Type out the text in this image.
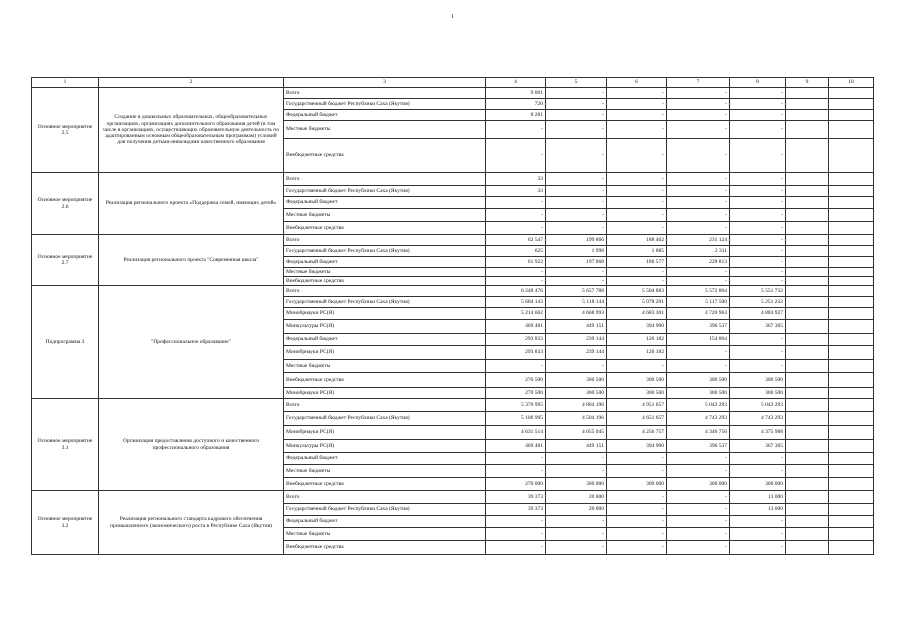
1
1	2	3	4	5	6	7	8	9	10
Основное мероприятие 2.5	Создание в дошкольных образовательных, общеобразовательных организациях, организациях дополнительного образования детей (в том числе в организациях, осуществляющих образовательную деятельность по адаптированным основным общеобразовательным программам) условий для получения детьми-инвалидами качественного образования	Всего	9 001	-	-	-	-		
		Государственный бюджет Республики Саха (Якутия)	720	-	-	-	-		
		Федеральный бюджет	8 281	-	-	-	-		
		Местные бюджеты	-	-	-	-	-		
		Внебюджетные средства	-	-	-	-	-		
Основное мероприятие 2.6	Реализация регионального проекта «Поддержка семей, имеющих детей»	Всего	33	-	-	-	-		
		Государственный бюджет Республики Саха (Якутия)	33	-	-	-	-		
		Федеральный бюджет	-	-	-	-	-		
		Местные бюджеты	-	-	-	-	-		
		Внебюджетные средства	-	-	-	-	-		
Основное мероприятие 2.7	Реализация регионального проекта "Современная школа"	Всего	62 547	199 866	188 462	231 124	-		
		Государственный бюджет Республики Саха (Якутия)	625	1 998	1 885	2 311	-		
		Федеральный бюджет	61 922	197 868	186 577	228 813	-		
		Местные бюджеты	-	-	-	-	-		
		Внебюджетные средства	-	-	-	-	-		
Подпрограмма 3	"Профессиональное образование"	Всего	6 248 476	5 657 788	5 504 883	5 572 804	5 551 732		
		Государственный бюджет Республики Саха (Якутия)	5 684 143	5 118 144	5 078 201	5 117 500	5 251 232		
		Минобрнауки РС(Я)	5 214 662	4 668 993	4 683 301	4 720 963	4 883 927		
		Минкультуры РС(Я)	469 481	449 151	394 900	396 537	367 305		
		Федеральный бюджет	293 833	239 144	126 182	154 804	-		
		Минобрнауки РС(Я)	293 833	239 144	126 182	-	-		
		Местные бюджеты	-	-	-	-	-		
		Внебюджетные средства	270 500	300 500	300 500	300 500	300 500		
		Минобрнауки РС(Я)	270 500	300 500	300 500	300 500	300 500		
Основное мероприятие 3.1	Организация предоставления доступного и качественного профессионального образования	Всего	5 370 995	4 804 196	4 951 657	5 043 293	5 043 293		
		Государственный бюджет Республики Саха (Якутия)	5 100 995	4 504 196	4 651 657	4 743 293	4 743 293		
		Минобрнауки РС(Я)	4 631 514	4 055 045	4 256 757	4 346 756	4 375 988		
		Минкультуры РС(Я)	469 481	449 151	394 900	396 537	367 305		
		Федеральный бюджет	-	-	-	-	-		
		Местные бюджеты	-	-	-	-	-		
		Внебюджетные средства	270 000	300 000	300 000	300 000	300 000		
Основное мероприятие 3.2	Реализация регионального стандарта кадрового обеспечения промышленного (экономического) роста в Республике Саха (Якутия)	Всего	39 373	20 000	-	-	13 000		
		Государственный бюджет Республики Саха (Якутия)	39 373	20 000	-	-	13 000		
		Федеральный бюджет	-	-	-	-	-		
		Местные бюджеты	-	-	-	-	-		
		Внебюджетные средства	-	-	-	-	-		
